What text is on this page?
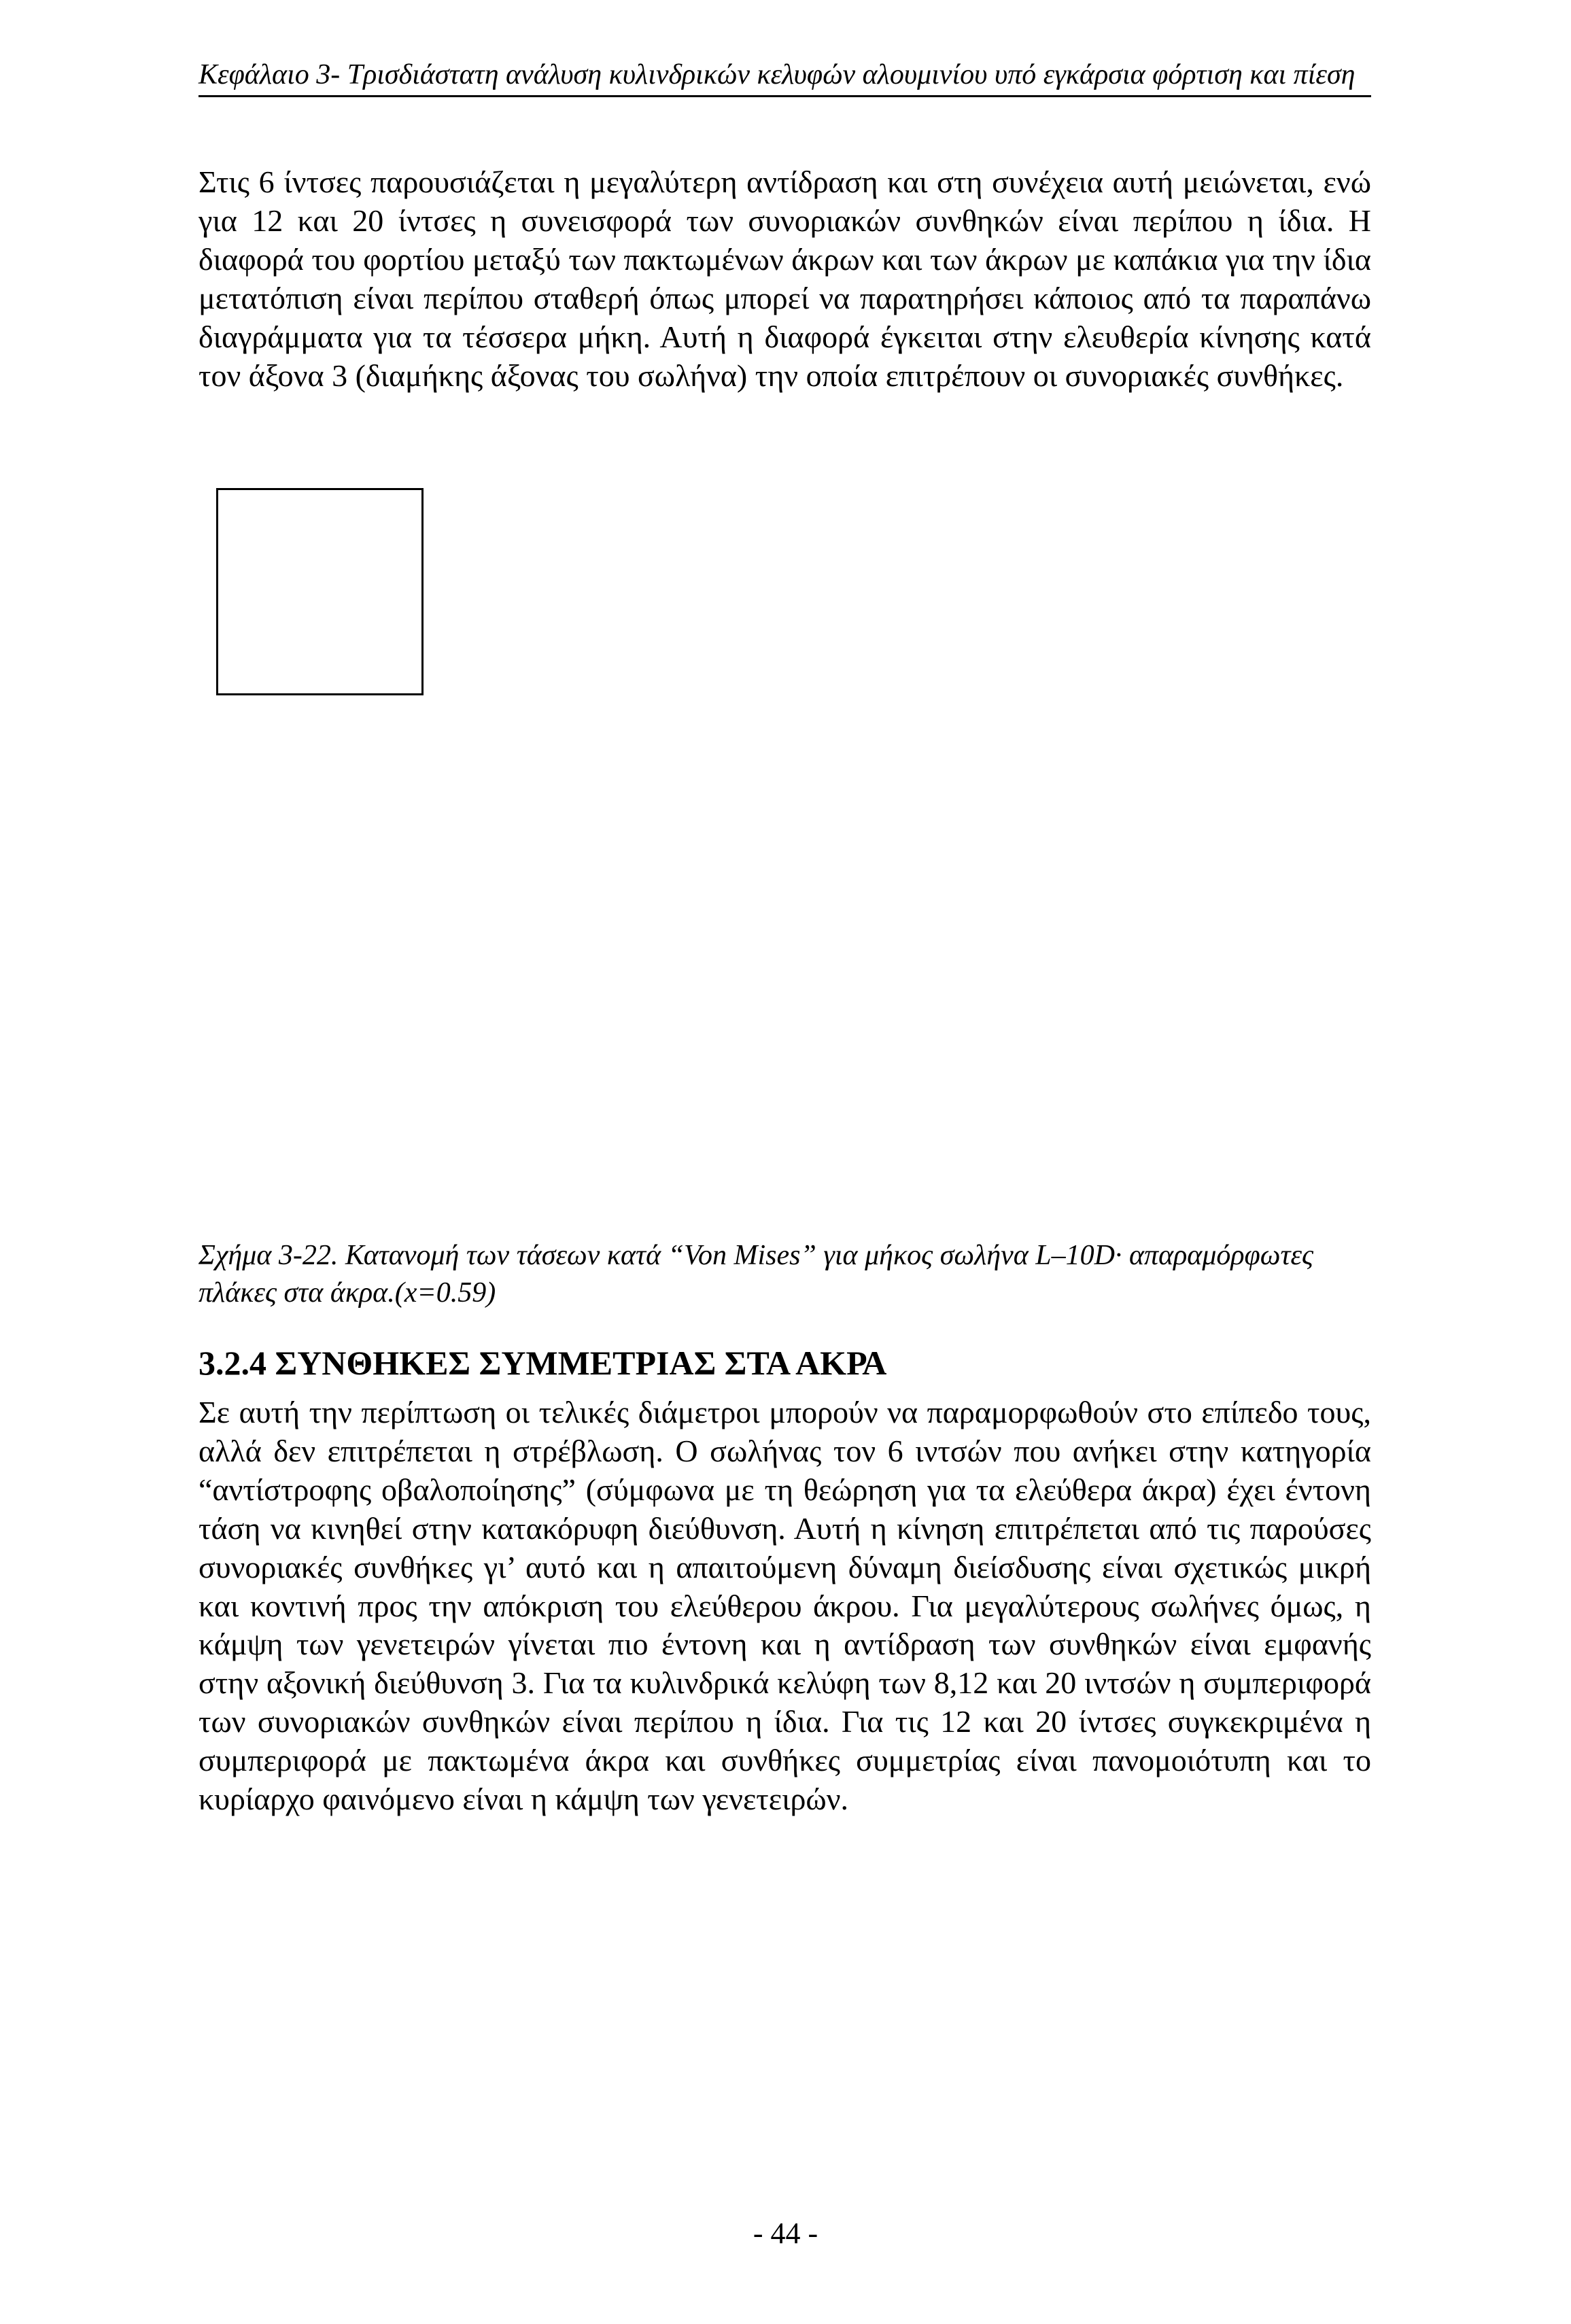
Κεφάλαιο 3- Τρισδιάστατη ανάλυση κυλινδρικών κελυφών αλουμινίου υπό εγκάρσια φόρτιση και πίεση

Στις 6 ίντσες παρουσιάζεται η μεγαλύτερη αντίδραση και στη συνέχεια αυτή μειώνεται, ενώ για 12 και 20 ίντσες η συνεισφορά των συνοριακών συνθηκών είναι περίπου η ίδια. Η διαφορά του φορτίου μεταξύ των πακτωμένων άκρων και των άκρων με καπάκια για την ίδια μετατόπιση είναι περίπου σταθερή όπως μπορεί να παρατηρήσει κάποιος από τα παραπάνω διαγράμματα για τα τέσσερα μήκη. Αυτή η διαφορά έγκειται στην ελευθερία κίνησης κατά τον άξονα 3 (διαμήκης άξονας του σωλήνα) την οποία επιτρέπουν οι συνοριακές συνθήκες.

Σχήμα 3-22. Κατανομή των τάσεων κατά “Von Mises” για μήκος σωλήνα L–10D· απαραμόρφωτες πλάκες στα άκρα.(x=0.59)

3.2.4 ΣΥΝΘΗΚΕΣ ΣΥΜΜΕΤΡΙΑΣ ΣΤΑ ΑΚΡΑ

Σε αυτή την περίπτωση οι τελικές διάμετροι μπορούν να παραμορφωθούν στο επίπεδο τους, αλλά δεν επιτρέπεται η στρέβλωση. Ο σωλήνας τον 6 ιντσών που ανήκει στην κατηγορία “αντίστροφης οβαλοποίησης” (σύμφωνα με τη θεώρηση για τα ελεύθερα άκρα) έχει έντονη τάση να κινηθεί στην κατακόρυφη διεύθυνση. Αυτή η κίνηση επιτρέπεται από τις παρούσες συνοριακές συνθήκες γι’ αυτό και η απαιτούμενη δύναμη διείσδυσης είναι σχετικώς μικρή και κοντινή προς την απόκριση του ελεύθερου άκρου. Για μεγαλύτερους σωλήνες όμως, η κάμψη των γενετειρών γίνεται πιο έντονη και η αντίδραση των συνθηκών είναι εμφανής στην αξονική διεύθυνση 3. Για τα κυλινδρικά κελύφη των 8,12 και 20 ιντσών η συμπεριφορά των συνοριακών συνθηκών είναι περίπου η ίδια. Για τις 12 και 20 ίντσες συγκεκριμένα η συμπεριφορά με πακτωμένα άκρα και συνθήκες συμμετρίας είναι πανομοιότυπη και το κυρίαρχο φαινόμενο είναι η κάμψη των γενετειρών.

- 44 -
